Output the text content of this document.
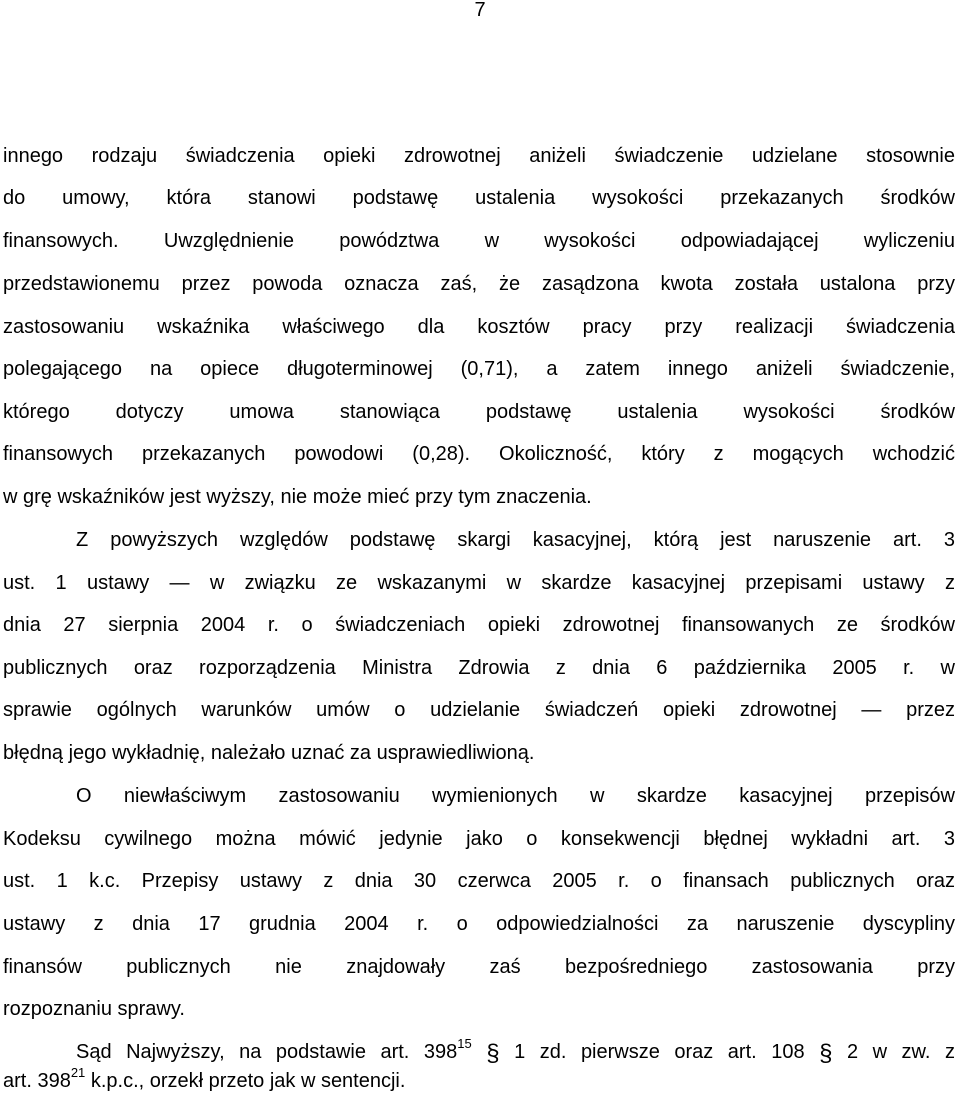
7
innego rodzaju świadczenia opieki zdrowotnej aniżeli świadczenie udzielane stosownie
do umowy, która stanowi podstawę ustalenia wysokości przekazanych środków
finansowych. Uwzględnienie powództwa w wysokości odpowiadającej wyliczeniu
przedstawionemu przez powoda oznacza zaś, że zasądzona kwota została ustalona przy
zastosowaniu wskaźnika właściwego dla kosztów pracy przy realizacji świadczenia
polegającego na opiece długoterminowej (0,71), a zatem innego aniżeli świadczenie,
którego dotyczy umowa stanowiąca podstawę ustalenia wysokości środków
finansowych przekazanych powodowi (0,28). Okoliczność, który z mogących wchodzić
w grę wskaźników jest wyższy, nie może mieć przy tym znaczenia.
Z powyższych względów podstawę skargi kasacyjnej, którą jest naruszenie art. 3
ust. 1 ustawy — w związku ze wskazanymi w skardze kasacyjnej przepisami ustawy z
dnia 27 sierpnia 2004 r. o świadczeniach opieki zdrowotnej finansowanych ze środków
publicznych oraz rozporządzenia Ministra Zdrowia z dnia 6 października 2005 r. w
sprawie ogólnych warunków umów o udzielanie świadczeń opieki zdrowotnej — przez
błędną jego wykładnię, należało uznać za usprawiedliwioną.
O niewłaściwym zastosowaniu wymienionych w skardze kasacyjnej przepisów
Kodeksu cywilnego można mówić jedynie jako o konsekwencji błędnej wykładni art. 3
ust. 1 k.c. Przepisy ustawy z dnia 30 czerwca 2005 r. o finansach publicznych oraz
ustawy z dnia 17 grudnia 2004 r. o odpowiedzialności za naruszenie dyscypliny
finansów publicznych nie znajdowały zaś bezpośredniego zastosowania przy
rozpoznaniu sprawy.
Sąd Najwyższy, na podstawie art. $398^{15}$ § 1 zd. pierwsze oraz art. 108 § 2 w zw. z
art. $398^{21}$ k.p.c., orzekł przeto jak w sentencji.
